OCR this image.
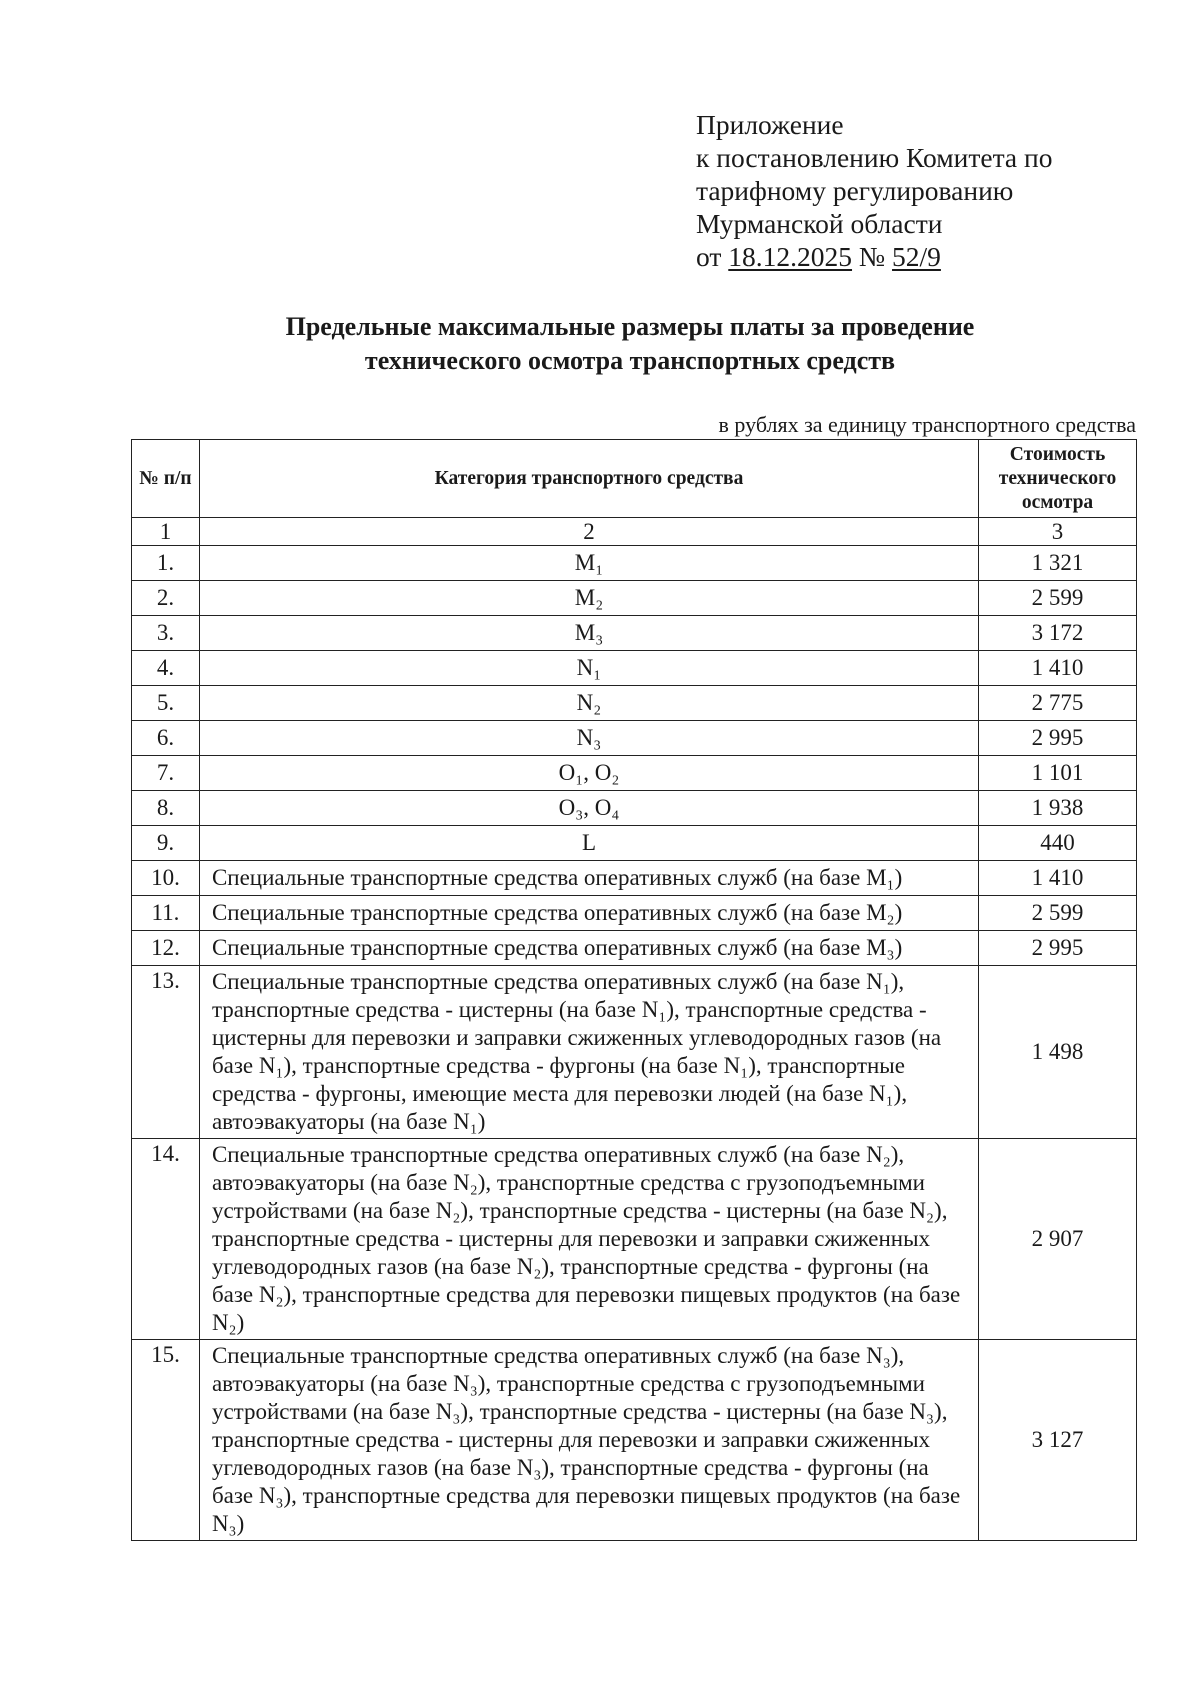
Приложение
к постановлению Комитета по
тарифному регулированию
Мурманской области
от 18.12.2025 № 52/9
Предельные максимальные размеры платы за проведение
технического осмотра транспортных средств
в рублях за единицу транспортного средства
№ п/п	Категория транспортного средства	Стоимость технического осмотра
1	2	3
1.	M₁	1 321
2.	M₂	2 599
3.	M₃	3 172
4.	N₁	1 410
5.	N₂	2 775
6.	N₃	2 995
7.	O₁, O₂	1 101
8.	O₃, O₄	1 938
9.	L	440
10.	Специальные транспортные средства оперативных служб (на базе M₁)	1 410
11.	Специальные транспортные средства оперативных служб (на базе M₂)	2 599
12.	Специальные транспортные средства оперативных служб (на базе M₃)	2 995
13.	Специальные транспортные средства оперативных служб (на базе N₁), транспортные средства - цистерны (на базе N₁), транспортные средства - цистерны для перевозки и заправки сжиженных углеводородных газов (на базе N₁), транспортные средства - фургоны (на базе N₁), транспортные средства - фургоны, имеющие места для перевозки людей (на базе N₁), автоэвакуаторы (на базе N₁)	1 498
14.	Специальные транспортные средства оперативных служб (на базе N₂), автоэвакуаторы (на базе N₂), транспортные средства с грузоподъемными устройствами (на базе N₂), транспортные средства - цистерны (на базе N₂), транспортные средства - цистерны для перевозки и заправки сжиженных углеводородных газов (на базе N₂), транспортные средства - фургоны (на базе N₂), транспортные средства для перевозки пищевых продуктов (на базе N₂)	2 907
15.	Специальные транспортные средства оперативных служб (на базе N₃), автоэвакуаторы (на базе N₃), транспортные средства с грузоподъемными устройствами (на базе N₃), транспортные средства - цистерны (на базе N₃), транспортные средства - цистерны для перевозки и заправки сжиженных углеводородных газов (на базе N₃), транспортные средства - фургоны (на базе N₃), транспортные средства для перевозки пищевых продуктов (на базе N₃)	3 127
